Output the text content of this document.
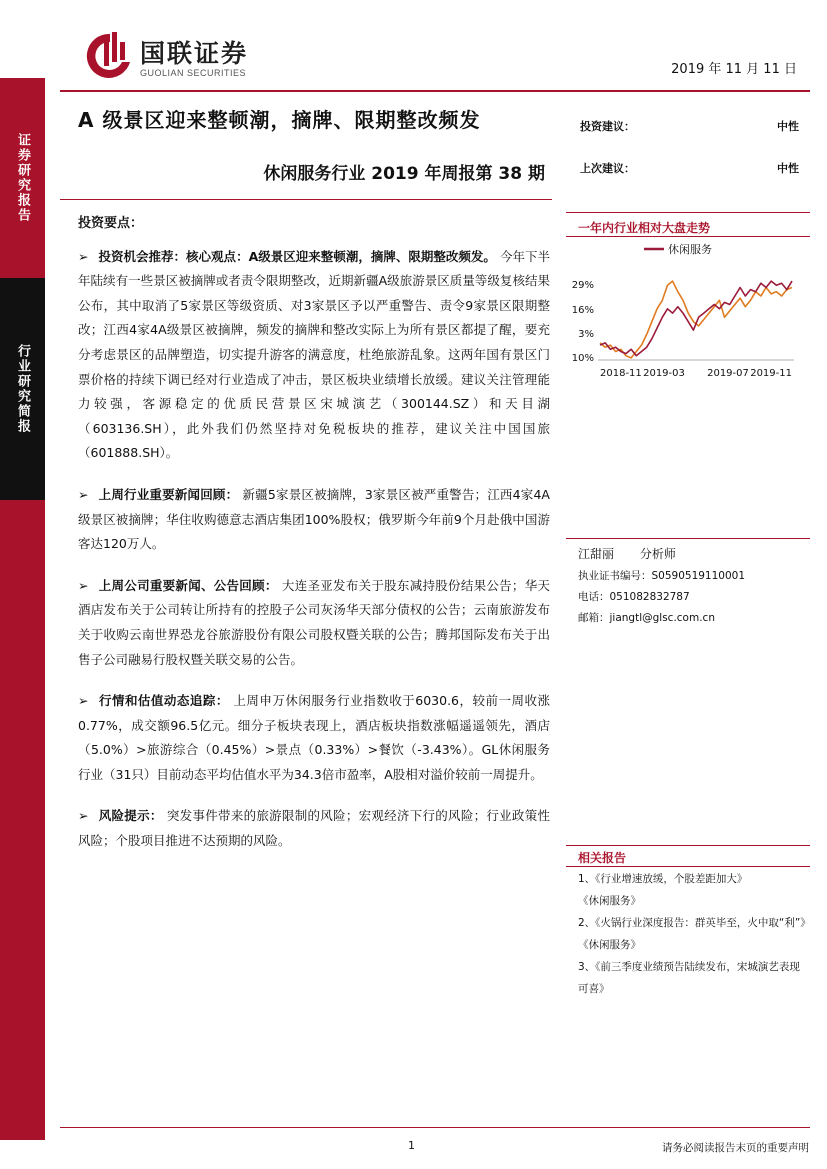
证券研究报告
行业研究简报
国联证券
GUOLIAN SECURITIES	2019 年 11 月 11 日
A 级景区迎来整顿潮，摘牌、限期整改频发
休闲服务行业 2019 年周报第 38 期
投资建议：	中性
上次建议：	中性
投资要点：
➢ 投资机会推荐：核心观点：A级景区迎来整顿潮，摘牌、限期整改频发。 今年下半年陆续有一些景区被摘牌或者责令限期整改，近期新疆A级旅游景区质量等级复核结果公布，其中取消了5家景区等级资质、对3家景区予以严重警告、责令9家景区限期整改；江西4家4A级景区被摘牌，频发的摘牌和整改实际上为所有景区都提了醒，要充分考虑景区的品牌塑造，切实提升游客的满意度，杜绝旅游乱象。这两年国有景区门票价格的持续下调已经对行业造成了冲击，景区板块业绩增长放缓。建议关注管理能力较强，客源稳定的优质民营景区宋城演艺（300144.SZ）和天目湖（603136.SH），此外我们仍然坚持对免税板块的推荐，建议关注中国国旅（601888.SH）。
➢ 上周行业重要新闻回顾： 新疆5家景区被摘牌，3家景区被严重警告；江西4家4A级景区被摘牌；华住收购德意志酒店集团100%股权；俄罗斯今年前9个月赴俄中国游客达120万人。
➢ 上周公司重要新闻、公告回顾： 大连圣亚发布关于股东减持股份结果公告；华天酒店发布关于公司转让所持有的控股子公司灰汤华天部分债权的公告；云南旅游发布关于收购云南世界恐龙谷旅游股份有限公司股权暨关联的公告；腾邦国际发布关于出售子公司融易行股权暨关联交易的公告。
➢ 行情和估值动态追踪： 上周申万休闲服务行业指数收于6030.6，较前一周收涨0.77%，成交额96.5亿元。细分子板块表现上，酒店板块指数涨幅遥遥领先，酒店（5.0%）>旅游综合（0.45%）>景点（0.33%）>餐饮（-3.43%）。GL休闲服务行业（31只）目前动态平均估值水平为34.3倍市盈率，A股相对溢价较前一周提升。
➢ 风险提示： 突发事件带来的旅游限制的风险；宏观经济下行的风险；行业政策性风险；个股项目推进不达预期的风险。
一年内行业相对大盘走势
休闲服务
29%
16%
3%
10%
2018-11 2019-03 2019-07 2019-11
江甜丽 分析师
执业证书编号：S0590519110001
电话：051082832787
邮箱：jiangtl@glsc.com.cn
相关报告
1、《行业增速放缓，个股差距加大》
《休闲服务》
2、《火锅行业深度报告：群英毕至，火中取“利”》
《休闲服务》
3、《前三季度业绩预告陆续发布，宋城演艺表现
可喜》
1	请务必阅读报告末页的重要声明
